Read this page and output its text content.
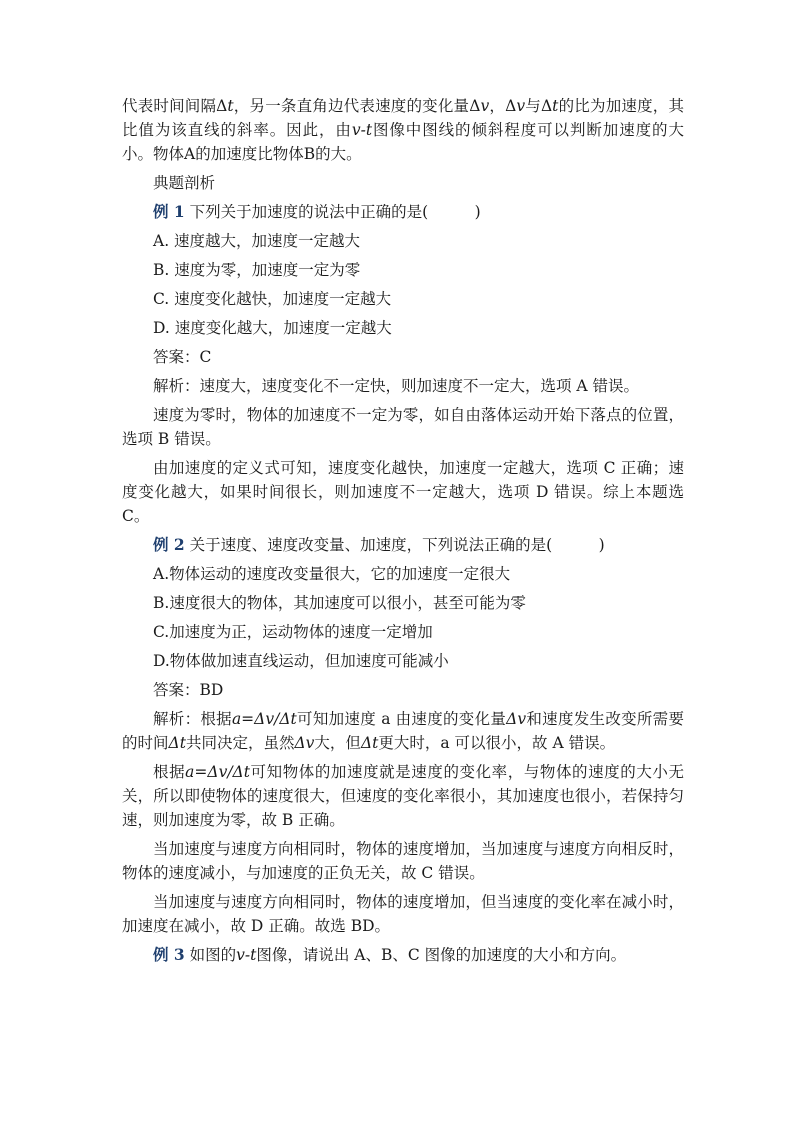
代表时间间隔Δt，另一条直角边代表速度的变化量Δv，Δv与Δt的比为加速度，其比值为该直线的斜率。因此，由v-t图像中图线的倾斜程度可以判断加速度的大小。物体A的加速度比物体B的大。

典题剖析

例 1 下列关于加速度的说法中正确的是(　　　)

A. 速度越大，加速度一定越大

B. 速度为零，加速度一定为零

C. 速度变化越快，加速度一定越大

D. 速度变化越大，加速度一定越大

答案：C

解析：速度大，速度变化不一定快，则加速度不一定大，选项 A 错误。

速度为零时，物体的加速度不一定为零，如自由落体运动开始下落点的位置，选项 B 错误。

由加速度的定义式可知，速度变化越快，加速度一定越大，选项 C 正确；速度变化越大，如果时间很长，则加速度不一定越大，选项 D 错误。综上本题选 C。

例 2 关于速度、速度改变量、加速度，下列说法正确的是(　　　)

A.物体运动的速度改变量很大，它的加速度一定很大

B.速度很大的物体，其加速度可以很小，甚至可能为零

C.加速度为正，运动物体的速度一定增加

D.物体做加速直线运动，但加速度可能减小

答案：BD

解析：根据a=Δv/Δt可知加速度 a 由速度的变化量Δv和速度发生改变所需要的时间Δt共同决定，虽然Δv大，但Δt更大时，a 可以很小，故 A 错误。

根据a=Δv/Δt可知物体的加速度就是速度的变化率，与物体的速度的大小无关，所以即使物体的速度很大，但速度的变化率很小，其加速度也很小，若保持匀速，则加速度为零，故 B 正确。

当加速度与速度方向相同时，物体的速度增加，当加速度与速度方向相反时，物体的速度减小，与加速度的正负无关，故 C 错误。

当加速度与速度方向相同时，物体的速度增加，但当速度的变化率在减小时，加速度在减小，故 D 正确。故选 BD。

例 3 如图的v-t图像，请说出 A、B、C 图像的加速度的大小和方向。
